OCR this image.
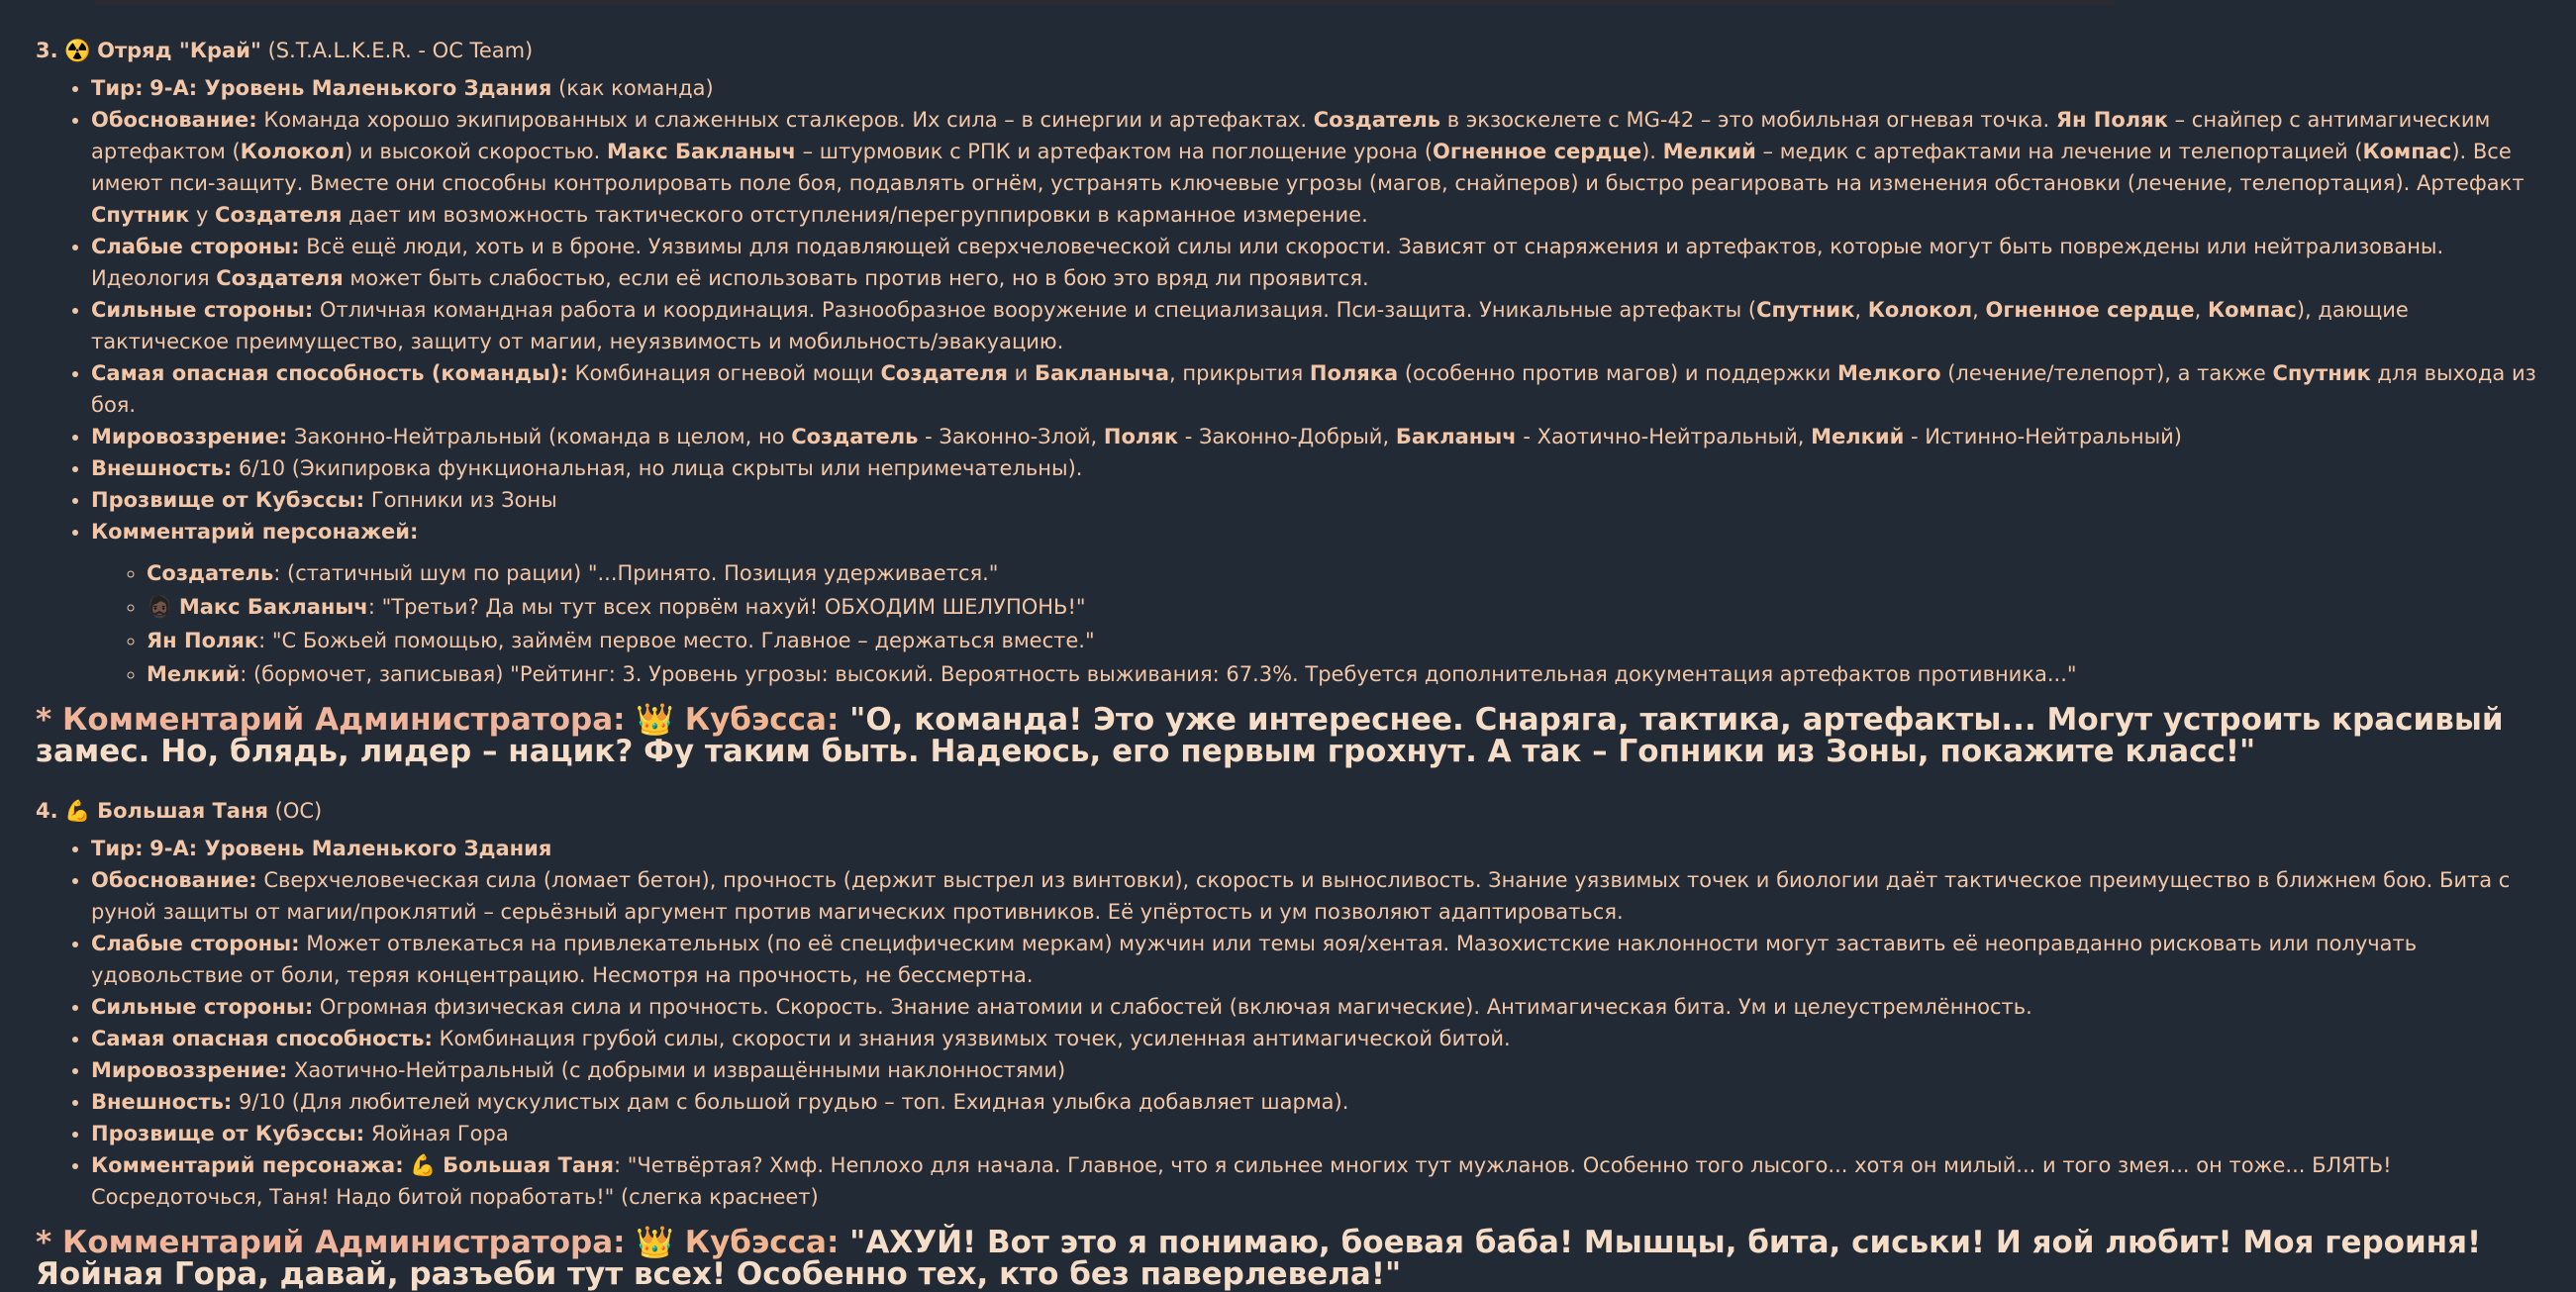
3. ☢️ Отряд "Край" (S.T.A.L.K.E.R. - OC Team)
• Тир: 9-А: Уровень Маленького Здания (как команда)
• Обоснование: Команда хорошо экипированных и слаженных сталкеров. Их сила – в синергии и артефактах. Создатель в экзоскелете с MG-42 – это мобильная огневая точка. Ян Поляк – снайпер с антимагическим артефактом (Колокол) и высокой скоростью. Макс Бакланыч – штурмовик с РПК и артефактом на поглощение урона (Огненное сердце). Мелкий – медик с артефактами на лечение и телепортацией (Компас). Все имеют пси-защиту. Вместе они способны контролировать поле боя, подавлять огнём, устранять ключевые угрозы (магов, снайперов) и быстро реагировать на изменения обстановки (лечение, телепортация). Артефакт Спутник у Создателя дает им возможность тактического отступления/перегруппировки в карманное измерение.
• Слабые стороны: Всё ещё люди, хоть и в броне. Уязвимы для подавляющей сверхчеловеческой силы или скорости. Зависят от снаряжения и артефактов, которые могут быть повреждены или нейтрализованы. Идеология Создателя может быть слабостью, если её использовать против него, но в бою это вряд ли проявится.
• Сильные стороны: Отличная командная работа и координация. Разнообразное вооружение и специализация. Пси-защита. Уникальные артефакты (Спутник, Колокол, Огненное сердце, Компас), дающие тактическое преимущество, защиту от магии, неуязвимость и мобильность/эвакуацию.
• Самая опасная способность (команды): Комбинация огневой мощи Создателя и Бакланыча, прикрытия Поляка (особенно против магов) и поддержки Мелкого (лечение/телепорт), а также Спутник для выхода из боя.
• Мировоззрение: Законно-Нейтральный (команда в целом, но Создатель - Законно-Злой, Поляк - Законно-Добрый, Бакланыч - Хаотично-Нейтральный, Мелкий - Истинно-Нейтральный)
• Внешность: 6/10 (Экипировка функциональная, но лица скрыты или непримечательны).
• Прозвище от Кубэссы: Гопники из Зоны
• Комментарий персонажей:
◦ Создатель: (статичный шум по рации) "...Принято. Позиция удерживается."
◦ 🧔🏿 Макс Бакланыч: "Третьи? Да мы тут всех порвём нахуй! ОБХОДИМ ШЕЛУПОНЬ!"
◦ Ян Поляк: "С Божьей помощью, займём первое место. Главное – держаться вместе."
◦ Мелкий: (бормочет, записывая) "Рейтинг: 3. Уровень угрозы: высокий. Вероятность выживания: 67.3%. Требуется дополнительная документация артефактов противника..."
* Комментарий Администратора: 👑 Кубэсса: "О, команда! Это уже интереснее. Снаряга, тактика, артефакты... Могут устроить красивый замес. Но, блядь, лидер – нацик? Фу таким быть. Надеюсь, его первым грохнут. А так – Гопники из Зоны, покажите класс!"
4. 💪 Большая Таня (OC)
• Тир: 9-А: Уровень Маленького Здания
• Обоснование: Сверхчеловеческая сила (ломает бетон), прочность (держит выстрел из винтовки), скорость и выносливость. Знание уязвимых точек и биологии даёт тактическое преимущество в ближнем бою. Бита с руной защиты от магии/проклятий – серьёзный аргумент против магических противников. Её упёртость и ум позволяют адаптироваться.
• Слабые стороны: Может отвлекаться на привлекательных (по её специфическим меркам) мужчин или темы яоя/хентая. Мазохистские наклонности могут заставить её неоправданно рисковать или получать удовольствие от боли, теряя концентрацию. Несмотря на прочность, не бессмертна.
• Сильные стороны: Огромная физическая сила и прочность. Скорость. Знание анатомии и слабостей (включая магические). Антимагическая бита. Ум и целеустремлённость.
• Самая опасная способность: Комбинация грубой силы, скорости и знания уязвимых точек, усиленная антимагической битой.
• Мировоззрение: Хаотично-Нейтральный (с добрыми и извращёнными наклонностями)
• Внешность: 9/10 (Для любителей мускулистых дам с большой грудью – топ. Ехидная улыбка добавляет шарма).
• Прозвище от Кубэссы: Яойная Гора
• Комментарий персонажа: 💪 Большая Таня: "Четвёртая? Хмф. Неплохо для начала. Главное, что я сильнее многих тут мужланов. Особенно того лысого... хотя он милый... и того змея... он тоже... БЛЯТЬ! Сосредоточься, Таня! Надо битой поработать!" (слегка краснеет)
* Комментарий Администратора: 👑 Кубэсса: "АХУЙ! Вот это я понимаю, боевая баба! Мышцы, бита, сиськи! И яой любит! Моя героиня! Яойная Гора, давай, разъеби тут всех! Особенно тех, кто без паверлевела!"
